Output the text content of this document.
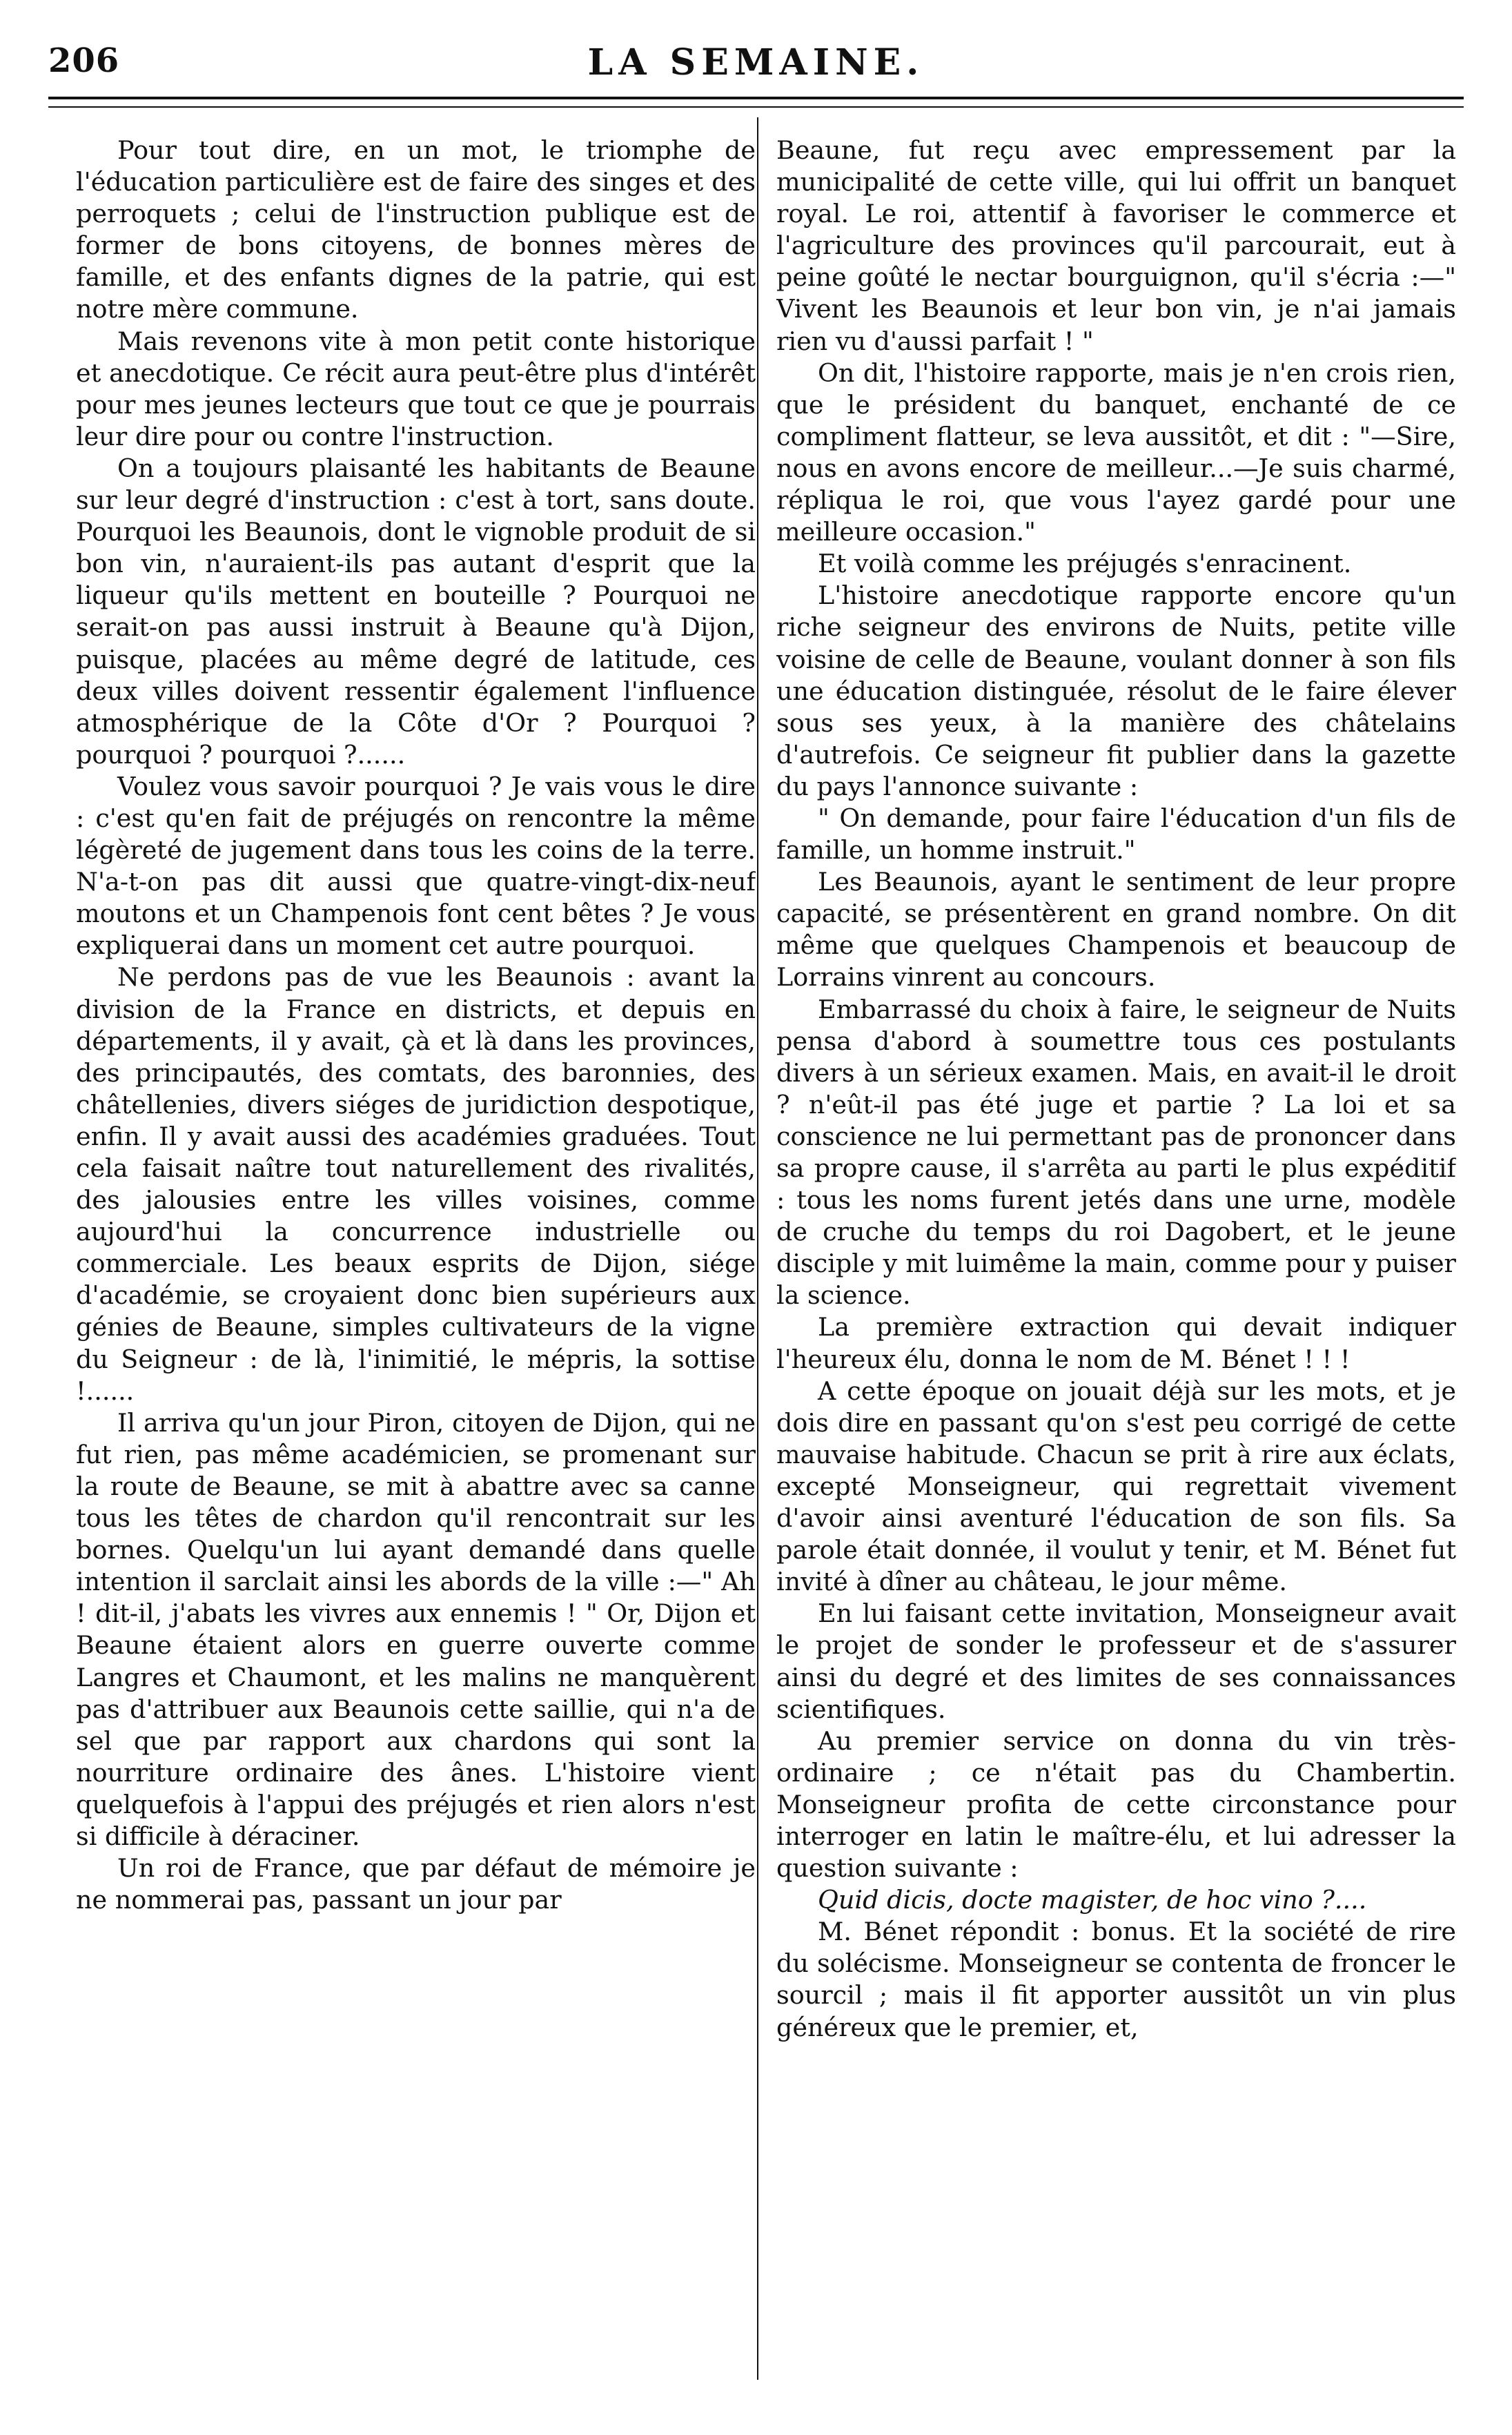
206	LA SEMAINE.

Pour tout dire, en un mot, le triomphe de l'éducation particulière est de faire des singes et des perroquets ; celui de l'instruction publique est de former de bons citoyens, de bonnes mères de famille, et des enfants dignes de la patrie, qui est notre mère commune.

Mais revenons vite à mon petit conte historique et anecdotique. Ce récit aura peut-être plus d'intérêt pour mes jeunes lecteurs que tout ce que je pourrais leur dire pour ou contre l'instruction.

On a toujours plaisanté les habitants de Beaune sur leur degré d'instruction : c'est à tort, sans doute. Pourquoi les Beaunois, dont le vignoble produit de si bon vin, n'auraient-ils pas autant d'esprit que la liqueur qu'ils mettent en bouteille ? Pourquoi ne serait-on pas aussi instruit à Beaune qu'à Dijon, puisque, placées au même degré de latitude, ces deux villes doivent ressentir également l'influence atmosphérique de la Côte d'Or ? Pourquoi ? pourquoi ? pourquoi ?......

Voulez vous savoir pourquoi ? Je vais vous le dire : c'est qu'en fait de préjugés on rencontre la même légèreté de jugement dans tous les coins de la terre. N'a-t-on pas dit aussi que quatre-vingt-dix-neuf moutons et un Champenois font cent bêtes ? Je vous expliquerai dans un moment cet autre pourquoi.

Ne perdons pas de vue les Beaunois : avant la division de la France en districts, et depuis en départements, il y avait, çà et là dans les provinces, des principautés, des comtats, des baronnies, des châtellenies, divers siéges de juridiction despotique, enfin. Il y avait aussi des académies graduées. Tout cela faisait naître tout naturellement des rivalités, des jalousies entre les villes voisines, comme aujourd'hui la concurrence industrielle ou commerciale. Les beaux esprits de Dijon, siége d'académie, se croyaient donc bien supérieurs aux génies de Beaune, simples cultivateurs de la vigne du Seigneur : de là, l'inimitié, le mépris, la sottise !......

Il arriva qu'un jour Piron, citoyen de Dijon, qui ne fut rien, pas même académicien, se promenant sur la route de Beaune, se mit à abattre avec sa canne tous les têtes de chardon qu'il rencontrait sur les bornes. Quelqu'un lui ayant demandé dans quelle intention il sarclait ainsi les abords de la ville :—" Ah ! dit-il, j'abats les vivres aux ennemis ! " Or, Dijon et Beaune étaient alors en guerre ouverte comme Langres et Chaumont, et les malins ne manquèrent pas d'attribuer aux Beaunois cette saillie, qui n'a de sel que par rapport aux chardons qui sont la nourriture ordinaire des ânes. L'histoire vient quelquefois à l'appui des préjugés et rien alors n'est si difficile à déraciner.

Un roi de France, que par défaut de mémoire je ne nommerai pas, passant un jour par

Beaune, fut reçu avec empressement par la municipalité de cette ville, qui lui offrit un banquet royal. Le roi, attentif à favoriser le commerce et l'agriculture des provinces qu'il parcourait, eut à peine goûté le nectar bourguignon, qu'il s'écria :—" Vivent les Beaunois et leur bon vin, je n'ai jamais rien vu d'aussi parfait ! "

On dit, l'histoire rapporte, mais je n'en crois rien, que le président du banquet, enchanté de ce compliment flatteur, se leva aussitôt, et dit : "—Sire, nous en avons encore de meilleur...—Je suis charmé, répliqua le roi, que vous l'ayez gardé pour une meilleure occasion."

Et voilà comme les préjugés s'enracinent.

L'histoire anecdotique rapporte encore qu'un riche seigneur des environs de Nuits, petite ville voisine de celle de Beaune, voulant donner à son fils une éducation distinguée, résolut de le faire élever sous ses yeux, à la manière des châtelains d'autrefois. Ce seigneur fit publier dans la gazette du pays l'annonce suivante :

" On demande, pour faire l'éducation d'un fils de famille, un homme instruit."

Les Beaunois, ayant le sentiment de leur propre capacité, se présentèrent en grand nombre. On dit même que quelques Champenois et beaucoup de Lorrains vinrent au concours.

Embarrassé du choix à faire, le seigneur de Nuits pensa d'abord à soumettre tous ces postulants divers à un sérieux examen. Mais, en avait-il le droit ? n'eût-il pas été juge et partie ? La loi et sa conscience ne lui permettant pas de prononcer dans sa propre cause, il s'arrêta au parti le plus expéditif : tous les noms furent jetés dans une urne, modèle de cruche du temps du roi Dagobert, et le jeune disciple y mit luimême la main, comme pour y puiser la science.

La première extraction qui devait indiquer l'heureux élu, donna le nom de M. Bénet ! ! !

A cette époque on jouait déjà sur les mots, et je dois dire en passant qu'on s'est peu corrigé de cette mauvaise habitude. Chacun se prit à rire aux éclats, excepté Monseigneur, qui regrettait vivement d'avoir ainsi aventuré l'éducation de son fils. Sa parole était donnée, il voulut y tenir, et M. Bénet fut invité à dîner au château, le jour même.

En lui faisant cette invitation, Monseigneur avait le projet de sonder le professeur et de s'assurer ainsi du degré et des limites de ses connaissances scientifiques.

Au premier service on donna du vin très-ordinaire ; ce n'était pas du Chambertin. Monseigneur profita de cette circonstance pour interroger en latin le maître-élu, et lui adresser la question suivante :

Quid dicis, docte magister, de hoc vino ?....

M. Bénet répondit : bonus. Et la société de rire du solécisme. Monseigneur se contenta de froncer le sourcil ; mais il fit apporter aussitôt un vin plus généreux que le premier, et,
